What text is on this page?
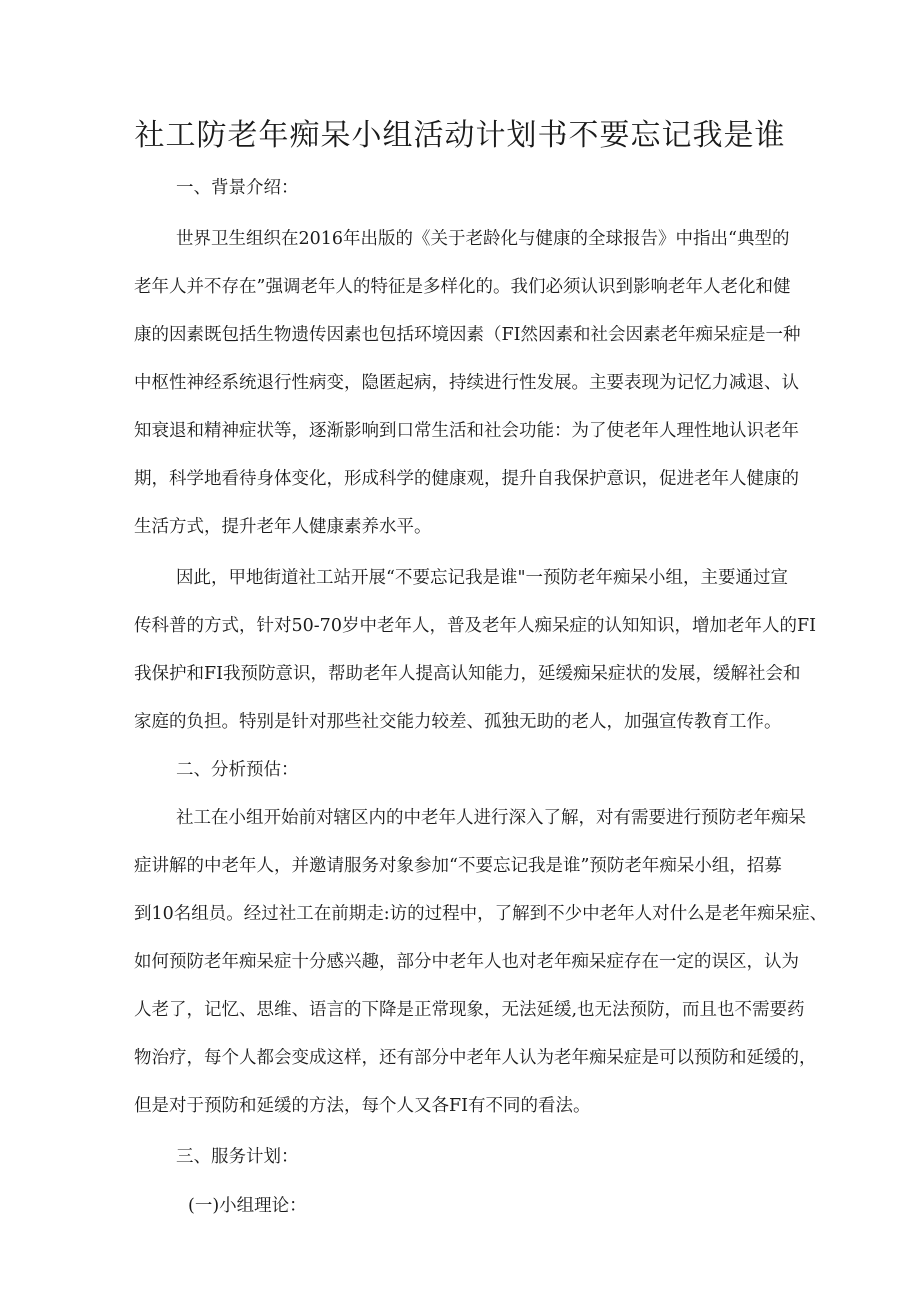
社工防老年痴呆小组活动计划书不要忘记我是谁

一、背景介绍：

世界卫生组织在2016年出版的《关于老龄化与健康的全球报告》中指出“典型的

老年人并不存在”强调老年人的特征是多样化的。我们必须认识到影响老年人老化和健

康的因素既包括生物遗传因素也包括环境因素（FI然因素和社会因素老年痴呆症是一种

中枢性神经系统退行性病变，隐匿起病，持续进行性发展。主要表现为记忆力减退、认

知衰退和精神症状等，逐渐影响到口常生活和社会功能：为了使老年人理性地认识老年

期，科学地看待身体变化，形成科学的健康观，提升自我保护意识，促进老年人健康的

生活方式，提升老年人健康素养水平。

因此，甲地街道社工站开展“不要忘记我是谁"一预防老年痴呆小组，主要通过宣

传科普的方式，针对50-70岁中老年人，普及老年人痴呆症的认知知识，增加老年人的FI

我保护和FI我预防意识，帮助老年人提高认知能力，延缓痴呆症状的发展，缓解社会和

家庭的负担。特别是针对那些社交能力较差、孤独无助的老人，加强宣传教育工作。

二、分析预估：

社工在小组开始前对辖区内的中老年人进行深入了解，对有需要进行预防老年痴呆

症讲解的中老年人，并邀请服务对象参加“不要忘记我是谁”预防老年痴呆小组，招募

到10名组员。经过社工在前期走:访的过程中，了解到不少中老年人对什么是老年痴呆症、

如何预防老年痴呆症十分感兴趣，部分中老年人也对老年痴呆症存在一定的误区，认为

人老了，记忆、思维、语言的下降是正常现象，无法延缓,也无法预防，而且也不需要药

物治疗，每个人都会变成这样，还有部分中老年人认为老年痴呆症是可以预防和延缓的，

但是对于预防和延缓的方法，每个人又各FI有不同的看法。

三、服务计划：

(一)小组理论：
